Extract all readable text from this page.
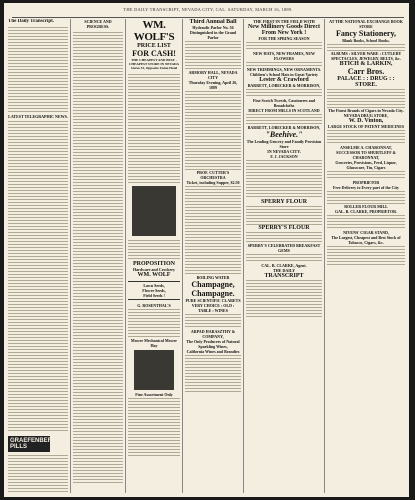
THE DAILY TRANSCRIPT, NEVADA CITY, CAL. SATURDAY, MARCH 16, 1889.
The Daily Transcript.
LATEST TELEGRAPHIC NEWS.
GRAEFENBERG PILLS
SCIENCE AND PROGRESS.	WM. WOLF'S
PRICE LIST
FOR CASH!
THE CHEAPEST AND BEST - CHEAPEST STORE IN NEVADA
Stores 33, Opposite Union Hotel
PROPOSITION
Hardware and Crockery
WM. WOLF
Lawn Seeds,
Flower Seeds,
Field Seeds !
G. ROSENTHAL'S
Mower Mechanical Mower Hay
Fine Assortment Only
Third Annual Ball
Hydraulic Parlor No. 56
Distinguished in the Grand Parlor
ARMORY HALL, NEVADA CITY
Thursday Evening, April 26, 1889
PROF. CUTTER'S ORCHESTRA
Ticket, including Supper, $2.50
BOILING WATER
Champagne,
Champagne.
PURE SCIENTIFIC CLARETS
VERY CHOICE : OLD : TABLE : WINES
ARPAD HARASZTHY & COMPANY,
The Only Producers of Natural Sparkling Wines,
California Wines and Brandies
THE FIRST IN THE FIELD WITH
New Millinery Goods Direct From New York !
FOR THE SPRING SEASON
NEW HATS, NEW FRAMES, NEW FLOWERS
NEW TRIMMINGS, NEW ORNAMENTS.
Children's School Hats in Great Variety
Lester & Crawford
BARRETT, LOBECKER & MORRISON,
Fine Scotch Tweeds, Cassimeres and Broadcloths
DIRECT FROM MILLS IN SCOTLAND
BARRETT, LOBECKER & MORRISON,
"Beehive."
The Leading Grocery and Family Provision Store
IN NEVADA CITY.
F. J. JACKSON
SPERRY FLOUR
SPERRY'S FLOUR
SPERRY'S CELEBRATED BREAKFAST GEMS
CAL. B. CLARKE, Agent.
THE DAILY
TRANSCRIPT
AT THE NATIONAL EXCHANGE BOOK STORE
Fancy Stationery,
Blank Books, School Books.
ALBUMS : SILVER WARE : CUTLERY
SPECTACLES, JEWELRY, BELTS, &c.
BTICH & LARKIN,
Carr Bros.
PALACE : : DRUG : : STORE.
The Finest Brands of Cigars in Nevada City.
NEVADA DRUG STORE,
W. D. Vinton,
LARGE STOCK OF PATENT MEDICINES
ANSELME A. CHARONNAT,
SUCCESSOR TO SHURTLEFF & CHARONNAT,
Groceries, Provisions, Feed, Liquor, Glassware, Tin, Cigars
PROPRIETOR
Free Delivery to Every part of the City
ROLLER FLOUR MILL
GAL. B. CLARKE, PROPRIETOR.
NIVENS' CIGAR STAND,
The Largest, Cheapest and Best Stock of Tobacco, Cigars, &c.
